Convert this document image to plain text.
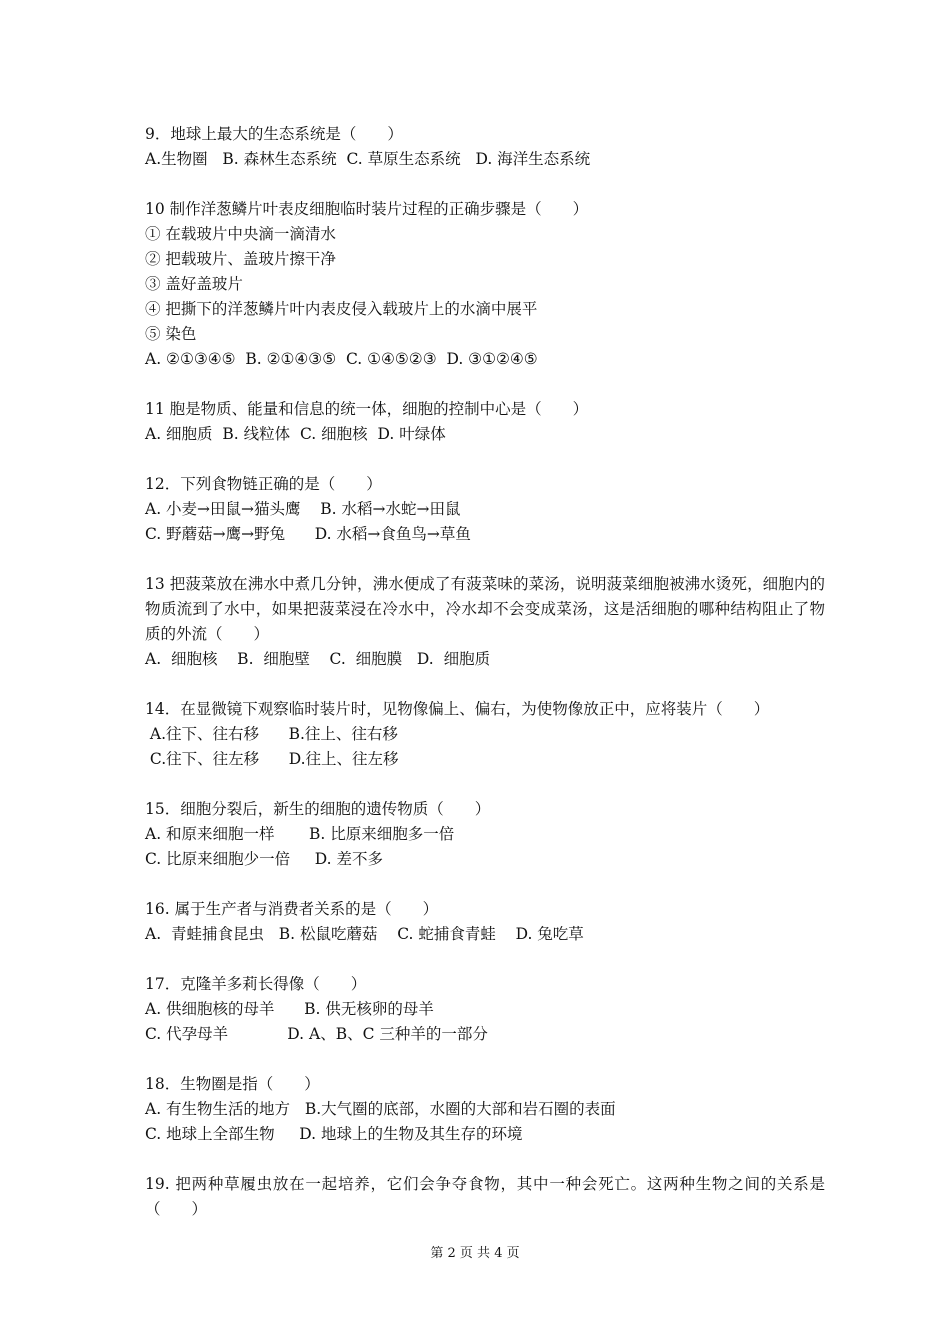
9．地球上最大的生态系统是（　　）

A.生物圈   B. 森林生态系统  C. 草原生态系统   D. 海洋生态系统

10 制作洋葱鳞片叶表皮细胞临时装片过程的正确步骤是（　　）

① 在载玻片中央滴一滴清水

② 把载玻片、盖玻片擦干净

③ 盖好盖玻片

④ 把撕下的洋葱鳞片叶内表皮侵入载玻片上的水滴中展平

⑤ 染色

A. ②①③④⑤  B. ②①④③⑤  C. ①④⑤②③  D. ③①②④⑤

11 胞是物质、能量和信息的统一体，细胞的控制中心是（　　）

A. 细胞质  B. 线粒体  C. 细胞核  D. 叶绿体

12．下列食物链正确的是（　　）

A. 小麦→田鼠→猫头鹰    B. 水稻→水蛇→田鼠

C. 野蘑菇→鹰→野兔      D. 水稻→食鱼鸟→草鱼

13 把菠菜放在沸水中煮几分钟，沸水便成了有菠菜味的菜汤，说明菠菜细胞被沸水烫死，细胞内的物质流到了水中，如果把菠菜浸在冷水中，冷水却不会变成菜汤，这是活细胞的哪种结构阻止了物质的外流（　　）

A.  细胞核    B.  细胞壁    C.  细胞膜   D.  细胞质

14．在显微镜下观察临时装片时，见物像偏上、偏右，为使物像放正中，应将装片（　　）

A.往下、往右移      B.往上、往右移

C.往下、往左移      D.往上、往左移

15．细胞分裂后，新生的细胞的遗传物质（　　）

A. 和原来细胞一样       B. 比原来细胞多一倍

C. 比原来细胞少一倍     D. 差不多

16. 属于生产者与消费者关系的是（　　）

A.  青蛙捕食昆虫   B. 松鼠吃蘑菇    C. 蛇捕食青蛙    D. 兔吃草

17．克隆羊多莉长得像（　　）

A. 供细胞核的母羊      B. 供无核卵的母羊

C. 代孕母羊            D. A、B、C 三种羊的一部分

18．生物圈是指（　　）

A. 有生物生活的地方   B.大气圈的底部，水圈的大部和岩石圈的表面

C. 地球上全部生物     D. 地球上的生物及其生存的环境

19. 把两种草履虫放在一起培养，它们会争夺食物，其中一种会死亡。这两种生物之间的关系是（　　）

第 2 页 共 4 页
